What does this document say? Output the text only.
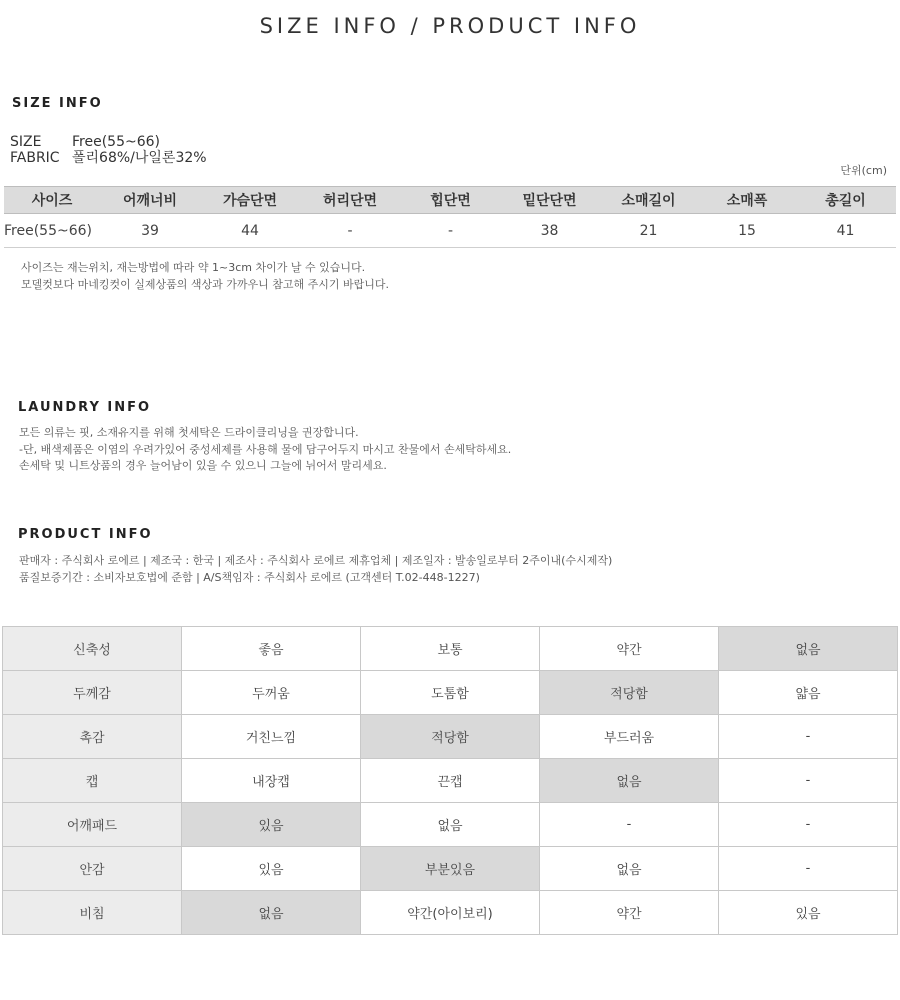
SIZE INFO / PRODUCT INFO
SIZE INFO
SIZE	Free(55~66)
FABRIC 폴리68%/나일론32%
단위(cm)
사이즈	어깨너비	가슴단면	허리단면	힙단면	밑단단면	소매길이	소매폭	총길이
Free(55~66)	39	44	-	-	38	21	15	41
사이즈는 재는위치, 재는방법에 따라 약 1~3cm 차이가 날 수 있습니다.
모델컷보다 마네킹컷이 실제상품의 색상과 가까우니 참고해 주시기 바랍니다.
LAUNDRY INFO
모든 의류는 핏, 소재유지를 위해 첫세탁은 드라이클리닝을 권장합니다.
-단, 배색제품은 이염의 우려가있어 중성세제를 사용해 물에 담구어두지 마시고 찬물에서 손세탁하세요.
손세탁 및 니트상품의 경우 늘어남이 있을 수 있으니 그늘에 뉘어서 말리세요.
PRODUCT INFO
판매자 : 주식회사 로에르 | 제조국 : 한국 | 제조사 : 주식회사 로에르 제휴업체 | 제조일자 : 발송일로부터 2주이내(수시제작)
품질보증기간 : 소비자보호법에 준함 | A/S책임자 : 주식회사 로에르 (고객센터 T.02-448-1227)
신축성	좋음	보통	약간	없음
두께감	두꺼움	도톰함	적당함	얇음
촉감	거친느낌	적당함	부드러움	-
캡	내장캡	끈캡	없음	-
어깨패드	있음	없음	-	-
안감	있음	부분있음	없음	-
비침	없음	약간(아이보리)	약간	있음
